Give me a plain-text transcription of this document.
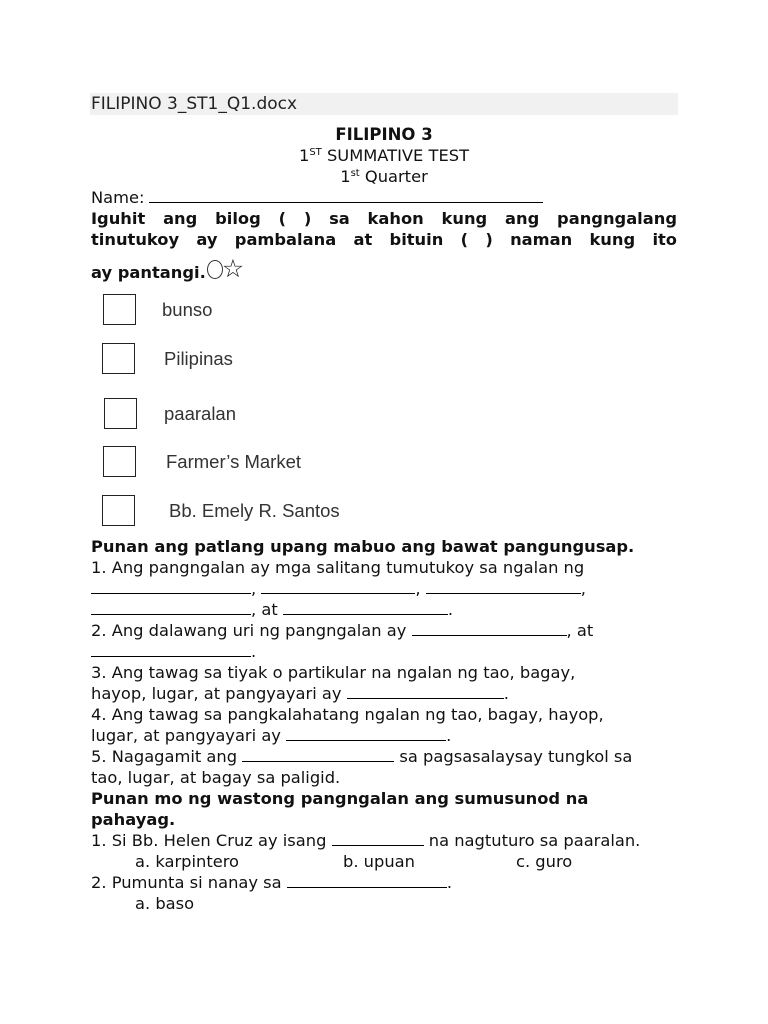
FILIPINO 3_ST1_Q1.docx
FILIPINO 3
1ST SUMMATIVE TEST
1st Quarter
Name:
Iguhit ang bilog ( ) sa kahon kung ang pangngalang
tinutukoy ay pambalana at bituin ( ) naman kung ito
ay pantangi. ☆
bunso
Pilipinas
paaralan
Farmer’s Market
Bb. Emely R. Santos
Punan ang patlang upang mabuo ang bawat pangungusap.
1. Ang pangngalan ay mga salitang tumutukoy sa ngalan ng
,	,	,
, at	.
2. Ang dalawang uri ng pangngalan ay	, at
.
3. Ang tawag sa tiyak o partikular na ngalan ng tao, bagay,
hayop, lugar, at pangyayari ay	.
4. Ang tawag sa pangkalahatang ngalan ng tao, bagay, hayop,
lugar, at pangyayari ay	.
5. Nagagamit ang	sa pagsasalaysay tungkol sa
tao, lugar, at bagay sa paligid.
Punan mo ng wastong pangngalan ang sumusunod na
pahayag.
1. Si Bb. Helen Cruz ay isang	na nagtuturo sa paaralan.
a. karpintero	b. upuan	c. guro
2. Pumunta si nanay sa	.
a. baso
